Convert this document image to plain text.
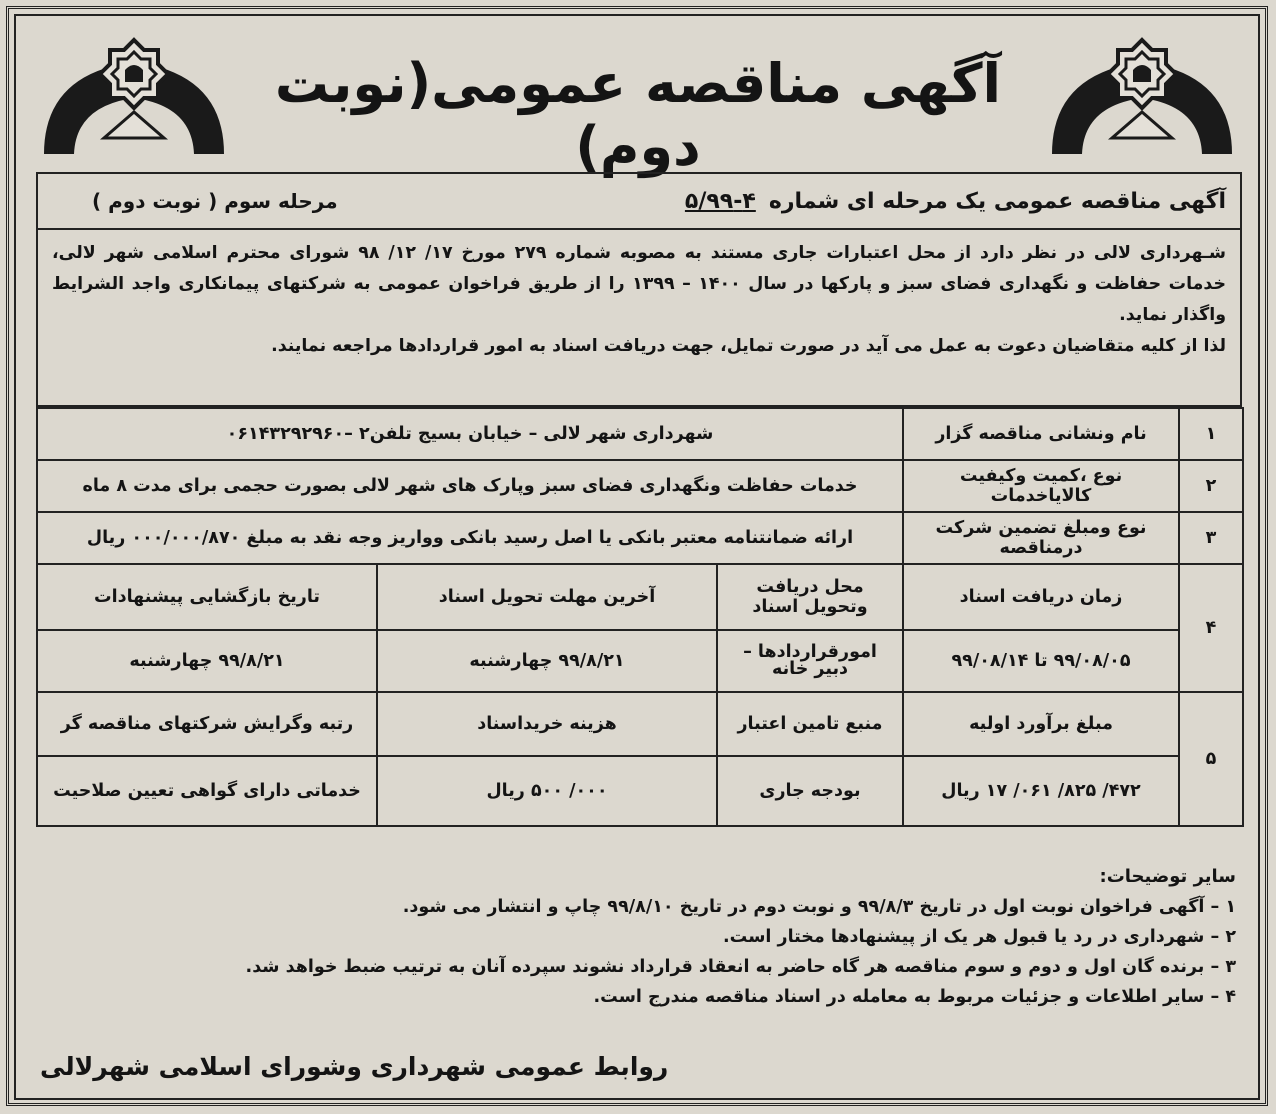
آگهی مناقصه عمومی(نوبت دوم)
آگهی مناقصه عمومی یک مرحله ای شماره ۴-۵/۹۹
مرحله سوم ( نوبت دوم )

شـهرداری لالی در نظر دارد از محل اعتبارات جاری مستند به مصوبه شماره ۲۷۹ مورخ ۱۷/ ۱۲/ ۹۸ شورای محترم اسلامی شهر لالی، خدمات حفاظت و نگهداری فضای سبز و پارکها در سال ۱۴۰۰ – ۱۳۹۹ را از طریق فراخوان عمومی به شرکتهای پیمانکاری واجد الشرایط واگذار نماید.

لذا از کلیه متقاضیان دعوت به عمل می آید در صورت تمایل، جهت دریافت اسناد به امور قراردادها مراجعه نمایند.

۱	نام ونشانی مناقصه گزار	شهرداری شهر لالی – خیابان بسیج تلفن۲ –۰۶۱۴۳۲۹۲۹۶۰		
۲	نوع ،کمیت وکیفیت کالاياخدمات	خدمات حفاظت ونگهداری فضای سبز وپارک های شهر لالی بصورت حجمی برای مدت ۸ ماه		
۳	نوع ومبلغ تضمین شرکت درمناقصه	ارائه ضمانتنامه معتبر بانکی یا اصل رسید بانکی وواریز وجه نقد به مبلغ ۰۰۰/۰۰۰/۸۷۰ ریال		
۴	زمان دریافت اسناد	محل دریافت وتحویل اسناد	آخرین مهلت تحویل اسناد	تاریخ بازگشایی پیشنهادات
	۹۹/۰۸/۰۵ تا ۹۹/۰۸/۱۴	امورقراردادها – دبیر خانه	۹۹/۸/۲۱ چهارشنبه	۹۹/۸/۲۱ چهارشنبه
۵	مبلغ برآورد اولیه	منبع تامین اعتبار	هزینه خریداسناد	رتبه وگرایش شرکتهای مناقصه گر
	۴۷۲/ ۸۲۵/ ۰۶۱/ ۱۷ ریال	بودجه جاری	۰۰۰/ ۵۰۰ ریال	خدماتی دارای گواهی تعیین صلاحیت
سایر توضیحات:
۱ – آگهی فراخوان نوبت اول در تاریخ ۹۹/۸/۳ و نوبت دوم در تاریخ ۹۹/۸/۱۰ چاپ و انتشار می شود.
۲ – شهرداری در رد یا قبول هر یک از پیشنهادها مختار است.
۳ – برنده گان اول و دوم و سوم مناقصه هر گاه حاضر به انعقاد قرارداد نشوند سپرده آنان به ترتیب ضبط خواهد شد.
۴ – سایر اطلاعات و جزئیات مربوط به معامله در اسناد مناقصه مندرج است.
روابط عمومی شهرداری وشورای اسلامی شهرلالی
